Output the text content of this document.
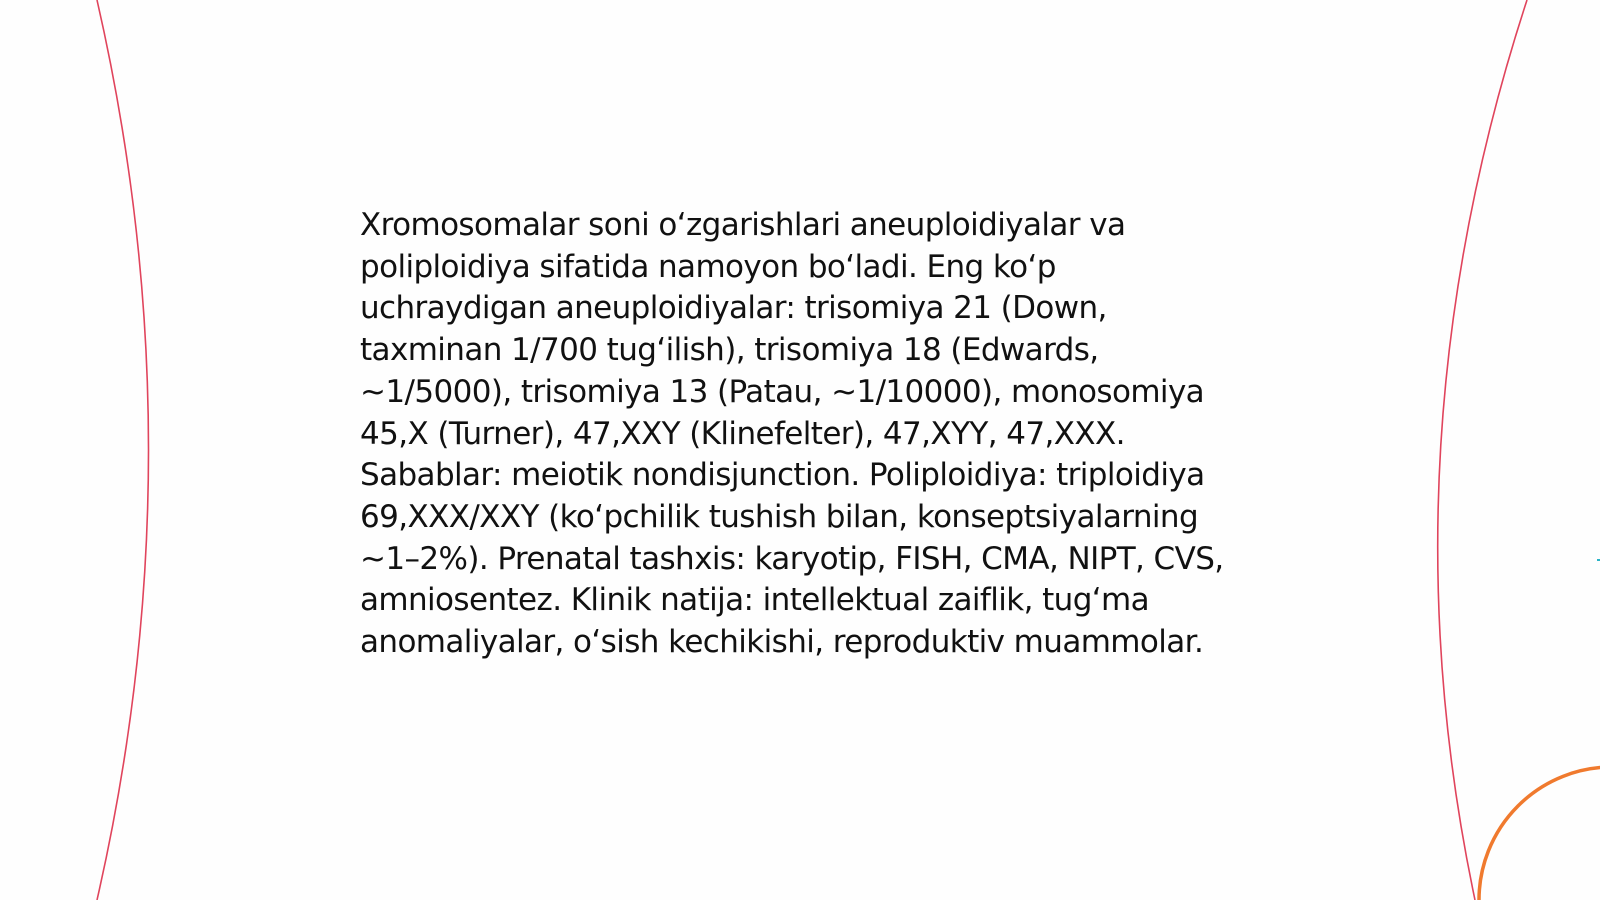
Xromosomalar soni oʻzgarishlari aneuploidiyalar va poliploidiya sifatida namoyon boʻladi. Eng koʻp uchraydigan aneuploidiyalar: trisomiya 21 (Down, taxminan 1/700 tugʻilish), trisomiya 18 (Edwards, ~1/5000), trisomiya 13 (Patau, ~1/10000), monosomiya 45,X (Turner), 47,XXY (Klinefelter), 47,XYY, 47,XXX. Sabablar: meiotik nondisjunction. Poliploidiya: triploidiya 69,XXX/XXY (koʻpchilik tushish bilan, konseptsiyalarning ~1–2%). Prenatal tashxis: karyotip, FISH, CMA, NIPT, CVS, amniosentez. Klinik natija: intellektual zaiflik, tugʻma anomaliyalar, oʻsish kechikishi, reproduktiv muammolar.
